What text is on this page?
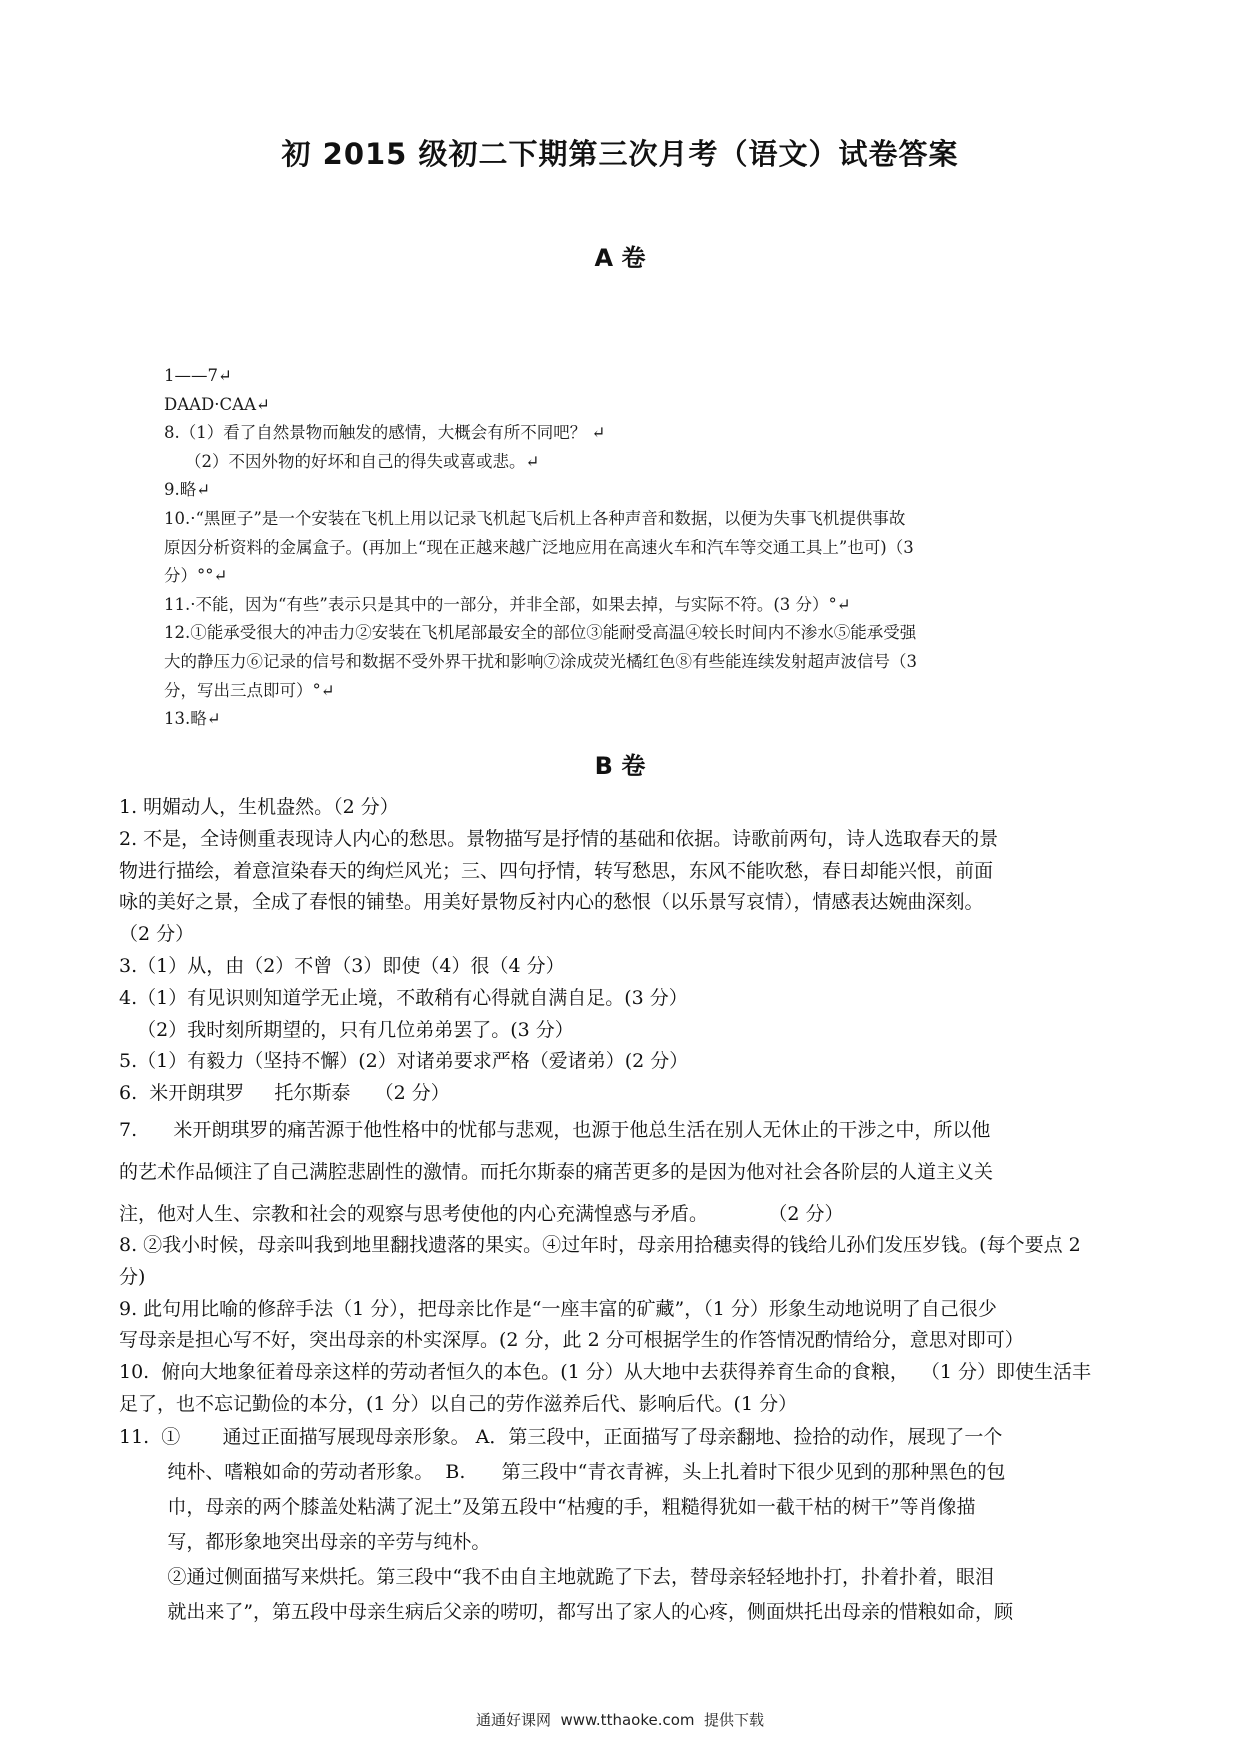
初 2015 级初二下期第三次月考（语文）试卷答案
A 卷
1——7↵
DAAD·CAA↵
8.（1）看了自然景物而触发的感情，大概会有所不同吧？ ↵
（2）不因外物的好坏和自己的得失或喜或悲。↵
9.略↵
10.·“黑匣子”是一个安装在飞机上用以记录飞机起飞后机上各种声音和数据，以便为失事飞机提供事故
原因分析资料的金属盒子。(再加上“现在正越来越广泛地应用在高速火车和汽车等交通工具上”也可)（3
分）°°↵
11.·不能，因为“有些”表示只是其中的一部分，并非全部，如果去掉，与实际不符。(3 分）°↵
12.①能承受很大的冲击力②安装在飞机尾部最安全的部位③能耐受高温④较长时间内不渗水⑤能承受强
大的静压力⑥记录的信号和数据不受外界干扰和影响⑦涂成荧光橘红色⑧有些能连续发射超声波信号（3
分，写出三点即可）°↵
13.略↵
B 卷
1. 明媚动人，生机盎然。（2 分）
2. 不是，全诗侧重表现诗人内心的愁思。景物描写是抒情的基础和依据。诗歌前两句，诗人选取春天的景
物进行描绘，着意渲染春天的绚烂风光；三、四句抒情，转写愁思，东风不能吹愁，春日却能兴恨，前面
咏的美好之景，全成了春恨的铺垫。用美好景物反衬内心的愁恨（以乐景写哀情），情感表达婉曲深刻。
（2 分）
3.（1）从，由（2）不曾（3）即使（4）很（4 分）
4.（1）有见识则知道学无止境，不敢稍有心得就自满自足。(3 分）
（2）我时刻所期望的，只有几位弟弟罢了。(3 分）
5.（1）有毅力（坚持不懈）(2）对诸弟要求严格（爱诸弟）(2 分）
6.  米开朗琪罗     托尔斯泰    （2 分）
7.      米开朗琪罗的痛苦源于他性格中的忧郁与悲观，也源于他总生活在别人无休止的干涉之中，所以他
的艺术作品倾注了自己满腔悲剧性的激情。而托尔斯泰的痛苦更多的是因为他对社会各阶层的人道主义关
注，他对人生、宗教和社会的观察与思考使他的内心充满惶惑与矛盾。          （2 分）
8. ②我小时候，母亲叫我到地里翻找遗落的果实。④过年时，母亲用拾穗卖得的钱给儿孙们发压岁钱。(每个要点 2
分)
9. 此句用比喻的修辞手法（1 分），把母亲比作是“一座丰富的矿藏”，（1 分）形象生动地说明了自己很少
写母亲是担心写不好，突出母亲的朴实深厚。(2 分，此 2 分可根据学生的作答情况酌情给分，意思对即可）
10.  俯向大地象征着母亲这样的劳动者恒久的本色。(1 分）从大地中去获得养育生命的食粮，  （1 分）即使生活丰
足了，也不忘记勤俭的本分，(1 分）以自己的劳作滋养后代、影响后代。(1 分）
11.  ①       通过正面描写展现母亲形象。 A．第三段中，正面描写了母亲翻地、捡拾的动作，展现了一个
纯朴、嗜粮如命的劳动者形象。  B.      第三段中“青衣青裤，头上扎着时下很少见到的那种黑色的包
巾，母亲的两个膝盖处粘满了泥土”及第五段中“枯瘦的手，粗糙得犹如一截干枯的树干”等肖像描
写，都形象地突出母亲的辛劳与纯朴。
②通过侧面描写来烘托。第三段中“我不由自主地就跪了下去，替母亲轻轻地扑打，扑着扑着，眼泪
就出来了”，第五段中母亲生病后父亲的唠叨，都写出了家人的心疼，侧面烘托出母亲的惜粮如命，顾
通通好课网  www.tthaoke.com  提供下载
